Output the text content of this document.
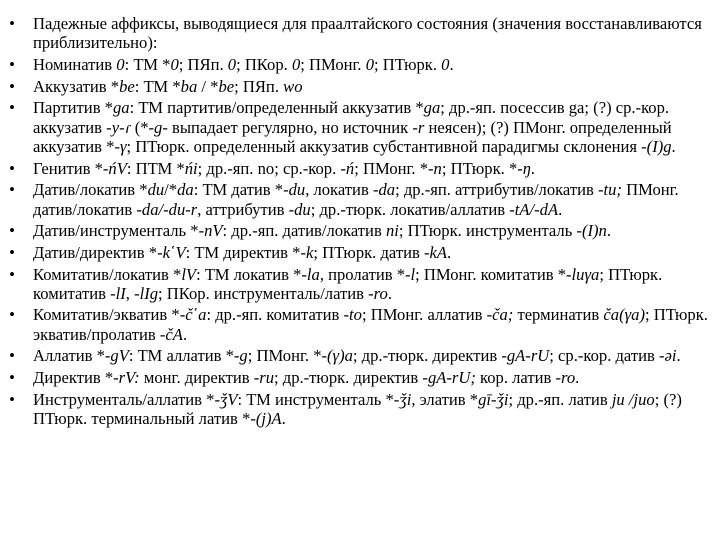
• Падежные аффиксы, выводящиеся для праалтайского состояния (значения восстанавливаются приблизительно):
• Номинатив 0: ТМ *0; ПЯп. 0; ПКор. 0; ПМонг. 0; ПТюрк. 0.
• Аккузатив *be: ТМ *ba / *be; ПЯп. wo
• Партитив *ga: ТМ партитив/определенный аккузатив *ga; др.-яп. посессив ga; (?) ср.-кор. аккузатив -у-ɾ (*-g- выпадает регулярно, но источник -r неясен); (?) ПМонг. определенный аккузатив *-γ; ПТюрк. определенный аккузатив субстантивной парадигмы склонения -(I)g.
• Генитив *-ńV: ПТМ *ńi; др.-яп. no; ср.-кор. -ń; ПМонг. *-n; ПТюрк. *-ŋ.
• Датив/локатив *du/*da: ТМ датив *-du, локатив -da; др.-яп. аттрибутив/локатив -tu; ПМонг. датив/локатив -da/-du-r, аттрибутив -du; др.-тюрк. локатив/аллатив -tA/-dA.
• Датив/инструменталь *-nV: др.-яп. датив/локатив ni; ПТюрк. инструменталь -(I)n.
• Датив/директив *-k῾V: ТМ директив *-k; ПТюрк. датив -kA.
• Комитатив/локатив *lV: ТМ локатив *-la, пролатив *-l; ПМонг. комитатив *-luγa; ПТюрк. комитатив -lI, -lIg; ПКор. инструменталь/латив -ro.
• Комитатив/экватив *-č῾a: др.-яп. комитатив -to; ПМонг. аллатив -ča; терминатив ča(γa); ПТюрк. экватив/пролатив -čA.
• Аллатив *-gV: ТМ аллатив *-g; ПМонг. *-(γ)a; др.-тюрк. директив -gA-rU; ср.-кор. датив -əi.
• Директив *-rV: монг. директив -ru; др.-тюрк. директив -gA-rU; кор. латив -ro.
• Инструменталь/аллатив *-ǯV: ТМ инструменталь *-ǯi, элатив *gī-ǯi; др.-яп. латив ju /juo; (?) ПТюрк. терминальный латив *-(j)A.
